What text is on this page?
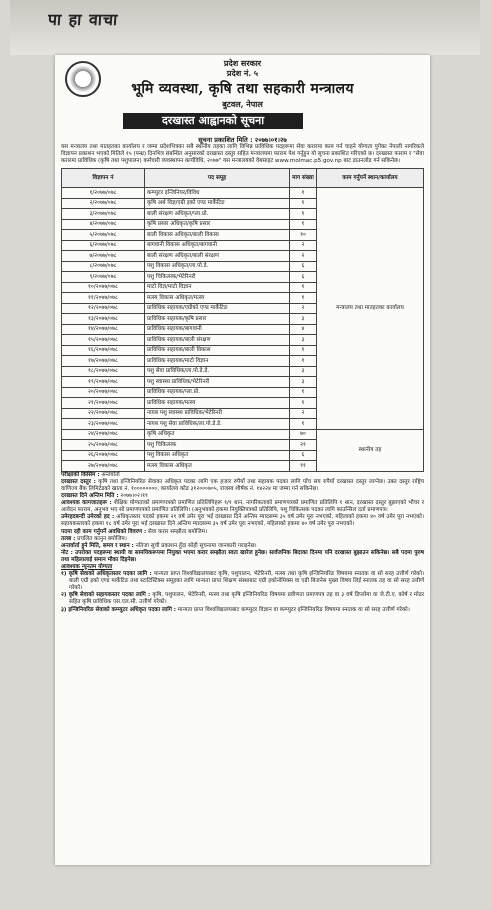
पा हा वाचा
प्रदेश सरकार
प्रदेश नं. ५
भूमि व्यवस्था, कृषि तथा सहकारी मन्त्रालय
बुटवल, नेपाल
दरखास्त आह्वानको सूचना
सूचना प्रकाशित मिति : २०७७।०१।२७
यस मन्त्रालय तथा मातहतका कार्यालय र जम्मा प्रदेशभित्रका सबै स्थानीय तहका लागि विभिन्न प्राविधिक पदहरूमा सेवा करारमा काम गर्न चाहने योग्यता पुगेका नेपाली नागरिकले विज्ञापन प्रकाशन भएको मितिले १५ (पन्ध्र) दिनभित्र संबन्धित अनुसारको दरखास्त दस्तुर सहित मन्त्रालयमा फाराम पेश गर्नुहुन यो सूचना प्रकाशित गरिएको छ। दरखास्त फाराम र "सेवा करारमा प्राविधिक (कृषि तथा पशुपालन) कर्मचारी व्यवस्थापन कार्यविधि, २०७७" यस मन्त्रालयको वेबसाइट www.molmac.p5.gov.np बाट डाउनलोड गर्न सकिनेछ।
विज्ञापन नं	पद समूह	माग संख्या	काम गर्नुपर्ने स्थान/कार्यालय
१/२०७७/०७८	कम्प्युटर इन्जिनियर/विविध	१	मन्त्रालय तथा मातहतका कार्यालय
२/२०७७/०७८	कृषि अर्थ विज्ञ/एग्री इको एण्ड मार्केटिङ	१	
३/२०७७/०७८	बाली संरक्षण अधिकृत/प्ला.प्रो.	१	
४/२०७७/०७८	कृषि प्रसार अधिकृत/कृषि प्रसार	१	
५/२०७७/०७८	बाली विकास अधिकृत/बाली विकास	१०	
६/२०७७/०७८	बागवानी विकास अधिकृत/बागवानी	२	
७/२०७७/०७८	बाली संरक्षण अधिकृत/बाली संरक्षण	२	
८/२०७७/०७८	पशु विकास अधिकृत/ला.पो.डे.	६	
९/२०७७/०७८	पशु चिकित्सक/भेटेरिनरी	६	
१०/२०७७/०७८	माटो विज्ञ/माटो विज्ञान	१	
११/२०७७/०७८	मत्स्य विकास अधिकृत/मत्स्य	१	
१२/२०७७/०७८	प्राविधिक सहायक/एग्रीको एण्ड मार्केटिङ	२	
१३/२०७७/०७८	प्राविधिक सहायक/कृषि प्रसार	३	
१४/२०७७/०७८	प्राविधिक सहायक/बागवानी	४	
१५/२०७७/०७८	प्राविधिक सहायक/बाली संरक्षण	३	
१६/२०७७/०७८	प्राविधिक सहायक/बाली विकास	१	
१७/२०७७/०७८	प्राविधिक सहायक/माटो विज्ञान	१	
१८/२०७७/०७८	पशु सेवा प्राविधिक/ला.पो.डे.डे.	३	
१९/२०७७/०७८	पशु स्वास्थ्य प्राविधिक/भेटेरिनरी	३	
२०/२०७७/०७८	प्राविधिक सहायक/प्ला.प्रो.	१	
२१/२०७७/०७८	प्राविधिक सहायक/मत्स्य	१	
२२/२०७७/०७८	नायब पशु स्वास्थ्य प्राविधिक/भेटेरिनरी	२	
२३/२०७७/०७८	नायब पशु सेवा प्राविधिक/ला.पो.डे.डे.	१	
२४/२०७७/०७८	कृषि अधिकृत	७०	स्थानीय तह
२५/२०७७/०७८	पशु चिकित्सक	२१	
२६/२०७७/०७८	पशु विकास अधिकृत	६	
२७/२०७७/०७८	मत्स्य विकास अधिकृत	११	
परीक्षाको किसिम : अन्तर्वार्ता
दरखास्त दस्तुर : कृषि तथा इन्जिनियरिङ सेवाका अधिकृत पदका लागि एक हजार रुपैयाँ तथा सहायक पदका लागि पाँच सय रुपैयाँ दरखास्त दस्तुर लाग्नेछ। उक्त दस्तुर राष्ट्रिय वाणिज्य बैंक लिमिटेडको खाता नं. १००००००००, कार्यालय कोड ३१२०००७०५, राजस्व शीर्षक नं. १४२२४ मा जम्मा गर्न सकिनेछ।
दरखास्त दिने अन्तिम मिति : २०७७।०२।११
आवश्यक कागजातहरू : शैक्षिक योग्यताको प्रमाणपत्रको प्रमाणित प्रतिलिपिहरू १/१ थान, नागरिकताको प्रमाणपत्रको प्रमाणित प्रतिलिपि १ थान, दरखास्त दस्तुर बुझाएको भौचर र आवेदन फाराम, अनुभव भए सो प्रमाणपत्रको प्रमाणित प्रतिलिपि। (अनुभवको हकमा नियुक्तिपत्रको प्रतिलिपि, पशु चिकित्सक पदका लागि काउन्सिल दर्ता प्रमाणपत्र।
उमेरहदबन्दी उमेरको हद : अधिकृतस्तर पदको हकमा २१ वर्ष उमेर पूरा भई दरखास्त दिने अन्तिम म्यादसम्म ३५ वर्ष उमेर पूरा नभएको, महिलाको हकमा ४० वर्ष उमेर पूरा नभएको। सहायकस्तरको हकमा १८ वर्ष उमेर पूरा भई दरखास्त दिने अन्तिम म्यादसम्म ३५ वर्ष उमेर पूरा नभएको, महिलाको हकमा ४० वर्ष उमेर पूरा नभएको।
पदमा रही काम गर्नुपर्ने अवधिको विवरण : सेवा करार सम्झौता बमोजिम।
तलब : प्रचलित कानुन बमोजिम।
अन्तर्वार्ता हुने मिति, समय र स्थान : नतिजा सूची प्रकाशन हुँदा सोही सूचनामा जानकारी गराइनेछ।
नोट : उपरोक्त पदहरूमा स्थायी वा सामयिकरूपमा नियुक्त भएमा करार सम्झौता स्वतः खारेज हुनेछ। सार्वजनिक बिदाका दिनमा पनि दरखास्त बुझाउन सकिनेछ। सबै पदमा पुरुष तथा महिलालाई समान मौका दिइनेछ।
आवश्यक न्यूनतम योग्यता
१) कृषि सेवाको अधिकृतस्तर पदका लागि : मान्यता प्राप्त विश्वविद्यालयबाट कृषि, पशुपालन, भेटेरिनरी, मत्स्य तथा कृषि इन्जिनियरिङ विषयमा स्नातक वा सो सरह उत्तीर्ण गरेको। बाली एग्री इको एण्ड मार्केटिङ तथा स्टाटिस्टिक्स समूहका लागि मान्यता प्राप्त शिक्षण संस्थाबाट एग्री इकोनोमिक्स वा एग्री बिजनेस मुख्य विषय लिई स्नातक तह वा सो सरह उत्तीर्ण गरेको।
२) कृषि सेवाको सहायकस्तर पदका लागि : कृषि, पशुपालन, भेटेरिनरी, मत्स्य तथा कृषि इन्जिनियरिङ विषयमा प्रवीणता प्रमाणपत्र तह वा ३ वर्ष डिप्लोमा वा जे.टी.ए. कोर्ष र मोडर सहित कृषि प्राविधिक एस.एल.सी. उत्तीर्ण गरेको।
३) इन्जिनियरिङ सेवाको कम्प्युटर अधिकृत पदका लागि : मान्यता प्राप्त विश्वविद्यालयबाट कम्प्युटर विज्ञान वा कम्प्युटर इन्जिनियरिङ विषयमा स्नातक वा सो सरह उत्तीर्ण गरेको।
